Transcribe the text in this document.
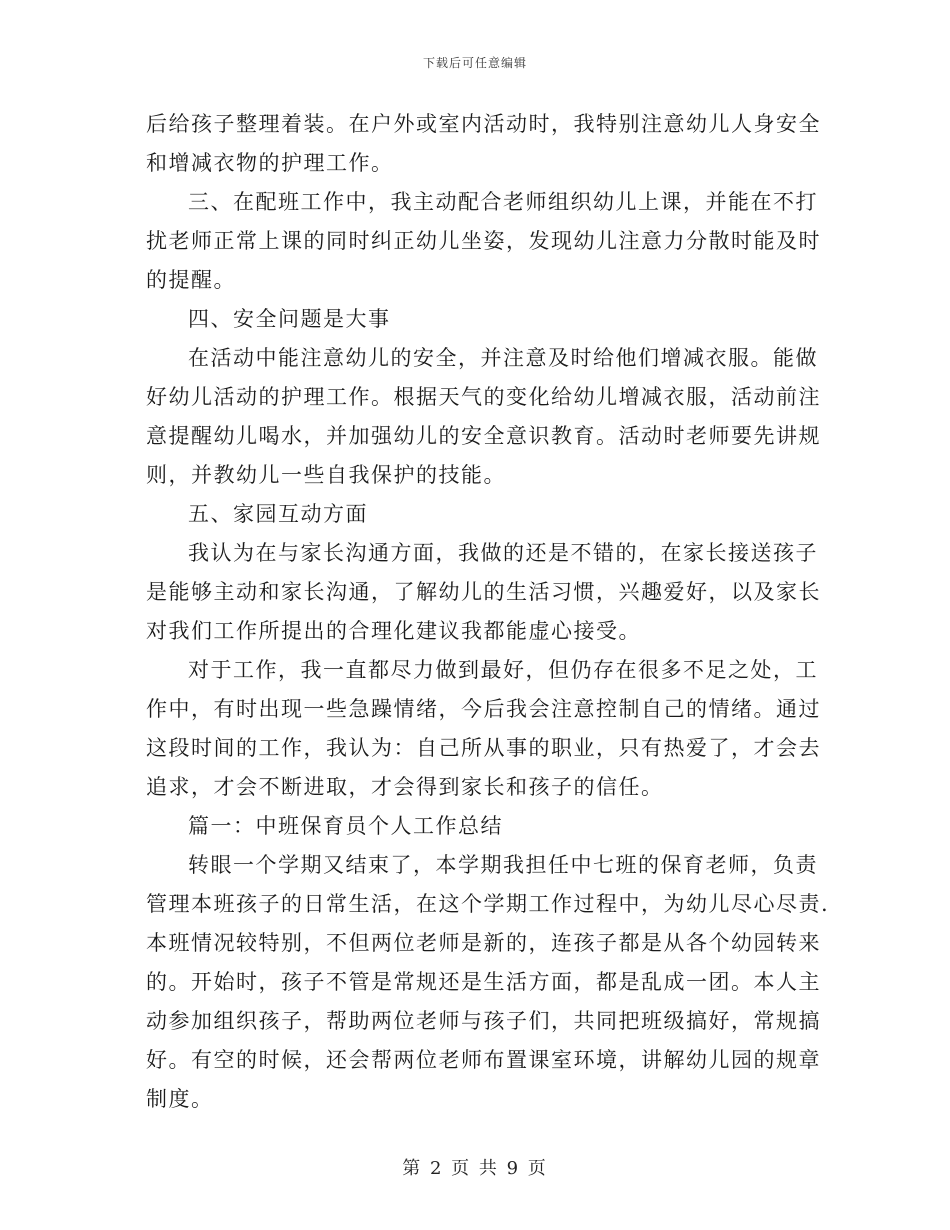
下载后可任意编辑
后给孩子整理着装。在户外或室内活动时，我特别注意幼儿人身安全
和增减衣物的护理工作。
三、在配班工作中，我主动配合老师组织幼儿上课，并能在不打
扰老师正常上课的同时纠正幼儿坐姿，发现幼儿注意力分散时能及时
的提醒。
四、安全问题是大事
在活动中能注意幼儿的安全，并注意及时给他们增减衣服。能做
好幼儿活动的护理工作。根据天气的变化给幼儿增减衣服，活动前注
意提醒幼儿喝水，并加强幼儿的安全意识教育。活动时老师要先讲规
则，并教幼儿一些自我保护的技能。
五、家园互动方面
我认为在与家长沟通方面，我做的还是不错的，在家长接送孩子
是能够主动和家长沟通，了解幼儿的生活习惯，兴趣爱好，以及家长
对我们工作所提出的合理化建议我都能虚心接受。
对于工作，我一直都尽力做到最好，但仍存在很多不足之处，工
作中，有时出现一些急躁情绪，今后我会注意控制自己的情绪。通过
这段时间的工作，我认为：自己所从事的职业，只有热爱了，才会去
追求，才会不断进取，才会得到家长和孩子的信任。
篇一：中班保育员个人工作总结
转眼一个学期又结束了，本学期我担任中七班的保育老师，负责
管理本班孩子的日常生活，在这个学期工作过程中，为幼儿尽心尽责.
本班情况较特别，不但两位老师是新的，连孩子都是从各个幼园转来
的。开始时，孩子不管是常规还是生活方面，都是乱成一团。本人主
动参加组织孩子，帮助两位老师与孩子们，共同把班级搞好，常规搞
好。有空的时候，还会帮两位老师布置课室环境，讲解幼儿园的规章
制度。
第 2 页 共 9 页
